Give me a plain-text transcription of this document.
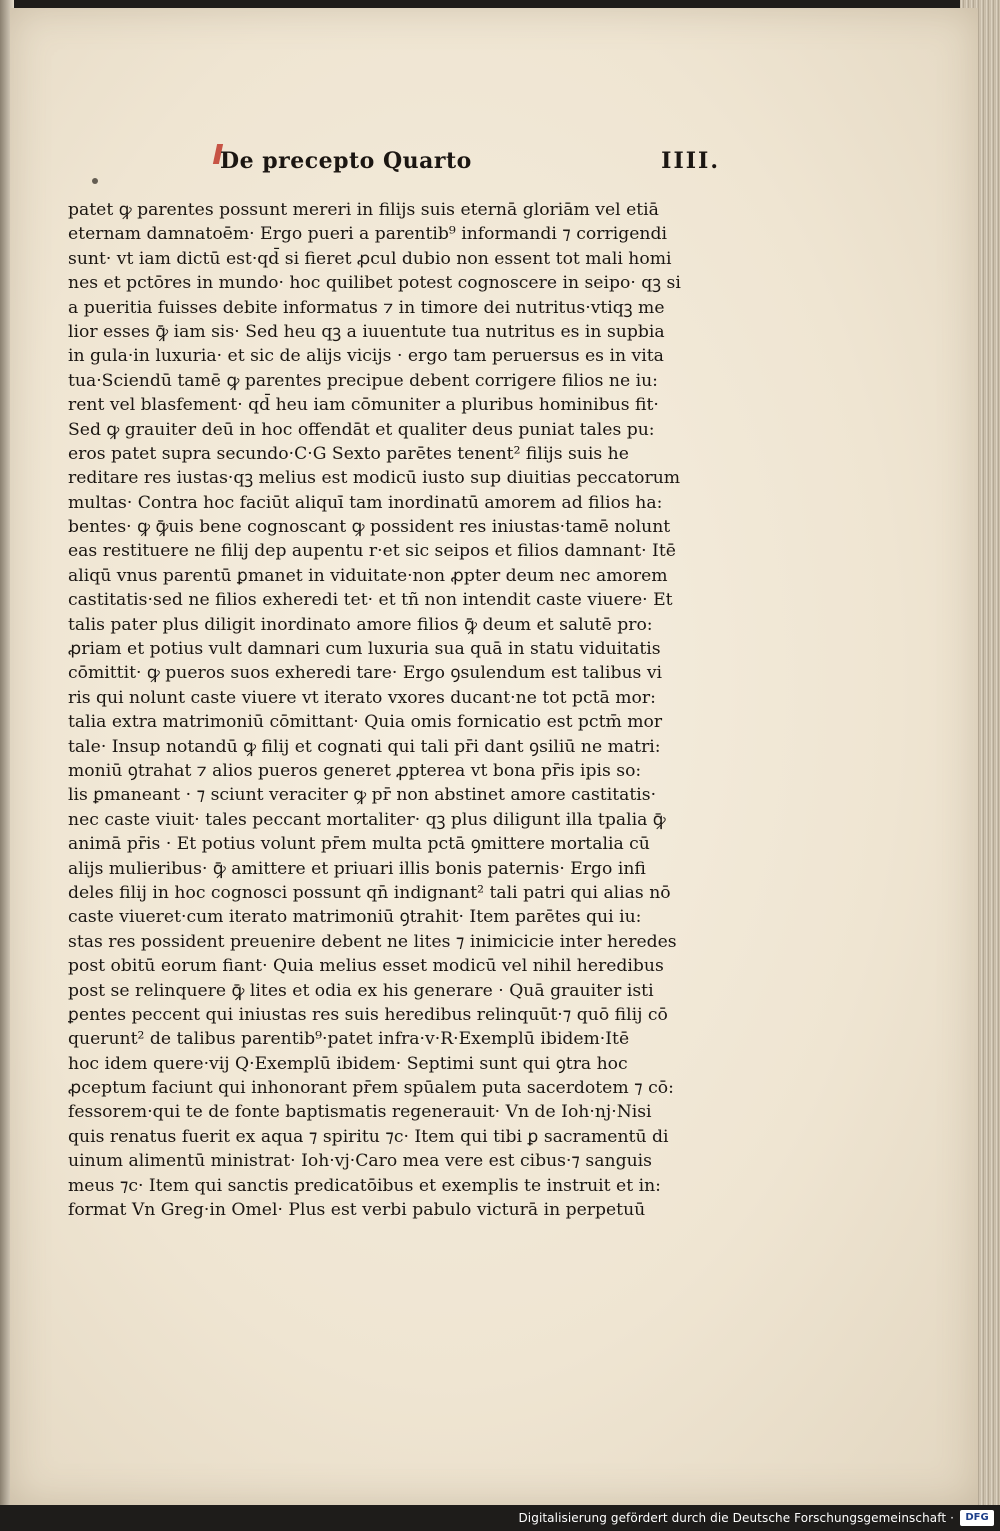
De precepto Quarto	IIII.
patet ꝙ parentes possunt mereri in filijs suis eternā gloriām vel etiā
eternam damnatoēm· Ergo pueri a parentib⁹ informandi ⁊ corrigendi
sunt· vt iam dictū est·qd̄ si fieret ꝓcul dubio non essent tot mali homi
nes et pctōres in mundo· hoc quilibet potest cognoscere in seipo· qꝫ si
a pueritia fuisses debite informatus ⁊ in timore dei nutritus·vtiqꝫ me
lior esses ꝙ̄ iam sis· Sed heu qꝫ a iuuentute tua nutritus es in supbia
in gula·in luxuria· et sic de alijs vicijs · ergo tam peruersus es in vita
tua·Sciendū tamē ꝙ parentes precipue debent corrigere filios ne iu:
rent vel blasfement· qd̄ heu iam cōmuniter a pluribus hominibus fit·
Sed ꝙ grauiter deū in hoc offendāt et qualiter deus puniat tales pu:
eros patet supra secundo·C·G Sexto parētes tenent² filijs suis he
reditare res iustas·qꝫ melius est modicū iusto sup diuitias peccatorum
multas· Contra hoc faciūt aliquī tam inordinatū amorem ad filios ha:
bentes· ꝙ ꝙ̄uis bene cognoscant ꝙ possident res iniustas·tamē nolunt
eas restituere ne filij dep aupentu r·et sic seipos et filios damnant· Itē
aliqū vnus parentū ꝑmanet in viduitate·non ꝓpter deum nec amorem
castitatis·sed ne filios exheredi tet· et tñ non intendit caste viuere· Et
talis pater plus diligit inordinato amore filios ꝙ̄ deum et salutē pro:
ꝓriam et potius vult damnari cum luxuria sua quā in statu viduitatis
cōmittit· ꝙ pueros suos exheredi tare· Ergo ꝯsulendum est talibus vi
ris qui nolunt caste viuere vt iterato vxores ducant·ne tot pctā mor:
talia extra matrimoniū cōmittant· Quia omis fornicatio est pctm̄ mor
tale· Insup notandū ꝙ filij et cognati qui tali pr̄i dant ꝯsiliū ne matri:
moniū ꝯtrahat ⁊ alios pueros generet ꝓpterea vt bona pr̄is ipis so:
lis ꝑmaneant · ⁊ sciunt veraciter ꝙ pr̄ non abstinet amore castitatis·
nec caste viuit· tales peccant mortaliter· qꝫ plus diligunt illa tpalia ꝙ̄
animā pr̄is · Et potius volunt pr̄em multa pctā ꝯmittere mortalia cū
alijs mulieribus· ꝙ̄ amittere et priuari illis bonis paternis· Ergo infi
deles filij in hoc cognosci possunt qn̄ indignant² tali patri qui alias nō
caste viueret·cum iterato matrimoniū ꝯtrahit· Item parētes qui iu:
stas res possident preuenire debent ne lites ⁊ inimicicie inter heredes
post obitū eorum fiant· Quia melius esset modicū vel nihil heredibus
post se relinquere ꝙ̄ lites et odia ex his generare · Quā grauiter isti
ꝑentes peccent qui iniustas res suis heredibus relinquūt·⁊ quō filij cō
querunt² de talibus parentib⁹·patet infra·v·R·Exemplū ibidem·Itē
hoc idem quere·vij Q·Exemplū ibidem· Septimi sunt qui ꝯtra hoc
ꝓceptum faciunt qui inhonorant pr̄em spūalem puta sacerdotem ⁊ cō:
fessorem·qui te de fonte baptismatis regenerauit· Vn de Ioh·nj·Nisi
quis renatus fuerit ex aqua ⁊ spiritu ⁊c· Item qui tibi ꝑ sacramentū di
uinum alimentū ministrat· Ioh·vj·Caro mea vere est cibus·⁊ sanguis
meus ⁊c· Item qui sanctis predicatōibus et exemplis te instruit et in:
format Vn Greg·in Omel· Plus est verbi pabulo victurā in perpetuū
Digitalisierung gefördert durch die Deutsche Forschungsgemeinschaft ·	DFG
